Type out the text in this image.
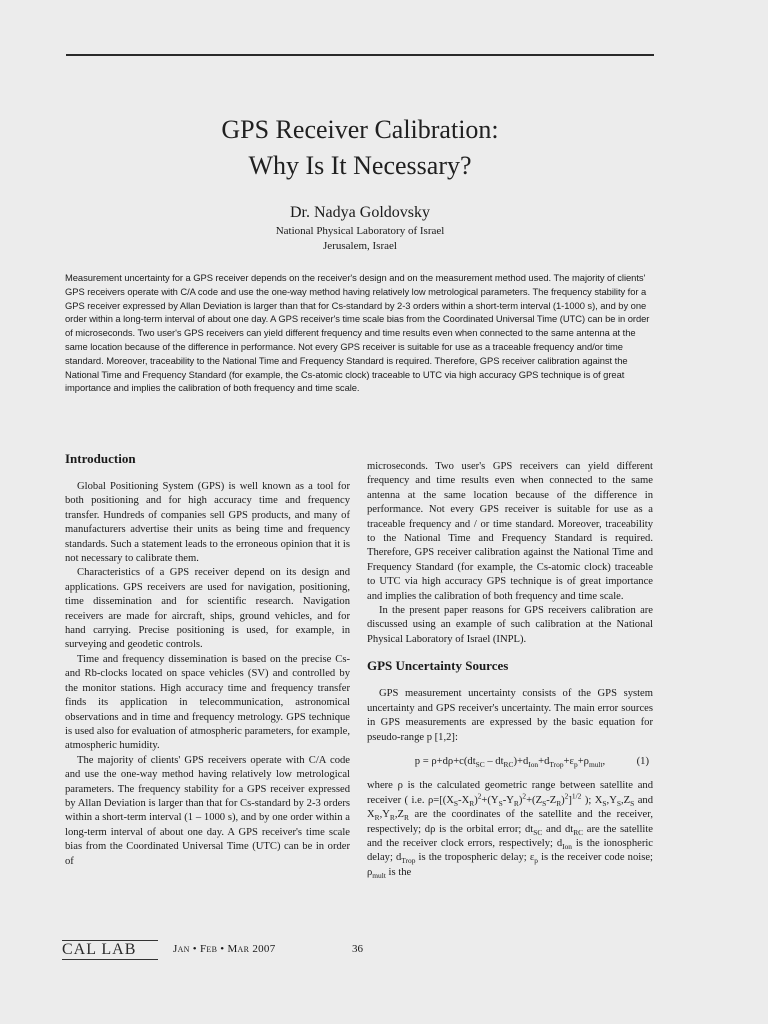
GPS Receiver Calibration:
Why Is It Necessary?
Dr. Nadya Goldovsky
National Physical Laboratory of Israel
Jerusalem, Israel
Measurement uncertainty for a GPS receiver depends on the receiver's design and on the measurement method used. The majority of clients' GPS receivers operate with C/A code and use the one-way method having relatively low metrological parameters. The frequency stability for a GPS receiver expressed by Allan Deviation is larger than that for Cs-standard by 2-3 orders within a short-term interval (1-1000 s), and by one order within a long-term interval of about one day. A GPS receiver's time scale bias from the Coordinated Universal Time (UTC) can be in order of microseconds. Two user's GPS receivers can yield different frequency and time results even when connected to the same antenna at the same location because of the difference in performance. Not every GPS receiver is suitable for use as a traceable frequency and/or time standard. Moreover, traceability to the National Time and Frequency Standard is required. Therefore, GPS receiver calibration against the National Time and Frequency Standard (for example, the Cs-atomic clock) traceable to UTC via high accuracy GPS technique is of great importance and implies the calibration of both frequency and time scale.
Introduction

Global Positioning System (GPS) is well known as a tool for both positioning and for high accuracy time and frequency transfer. Hundreds of companies sell GPS products, and many of manufacturers advertise their units as being time and frequency standards. Such a statement leads to the erroneous opinion that it is not necessary to calibrate them.

Characteristics of a GPS receiver depend on its design and applications. GPS receivers are used for navigation, positioning, time dissemination and for scientific research. Navigation receivers are made for aircraft, ships, ground vehicles, and for hand carrying. Precise positioning is used, for example, in surveying and geodetic controls.

Time and frequency dissemination is based on the precise Cs- and Rb-clocks located on space vehicles (SV) and controlled by the monitor stations. High accuracy time and frequency transfer finds its application in telecommunication, astronomical observations and in time and frequency metrology. GPS technique is used also for evaluation of atmospheric parameters, for example, atmospheric humidity.

The majority of clients' GPS receivers operate with C/A code and use the one-way method having relatively low metrological parameters. The frequency stability for a GPS receiver expressed by Allan Deviation is larger than that for Cs-standard by 2-3 orders within a short-term interval (1 – 1000 s), and by one order within a long-term interval of about one day. A GPS receiver's time scale bias from the Coordinated Universal Time (UTC) can be in order of

microseconds. Two user's GPS receivers can yield different frequency and time results even when connected to the same antenna at the same location because of the difference in performance. Not every GPS receiver is suitable for use as a traceable frequency and / or time standard. Moreover, traceability to the National Time and Frequency Standard is required. Therefore, GPS receiver calibration against the National Time and Frequency Standard (for example, the Cs-atomic clock) traceable to UTC via high accuracy GPS technique is of great importance and implies the calibration of both frequency and time scale.

In the present paper reasons for GPS receivers calibration are discussed using an example of such calibration at the National Physical Laboratory of Israel (INPL).

GPS Uncertainty Sources

GPS measurement uncertainty consists of the GPS system uncertainty and GPS receiver's uncertainty. The main error sources in GPS measurements are expressed by the basic equation for pseudo-range p [1,2]:

$p = \rho+d\rho+c(dt_{SC} - dt_{RC})+d_{Ion}+d_{Trop}+\varepsilon_p+\rho_{mult}$,	(1)

where ρ is the calculated geometric range between satellite and receiver ( i.e. $\rho=[(X_S-X_R)^2+(Y_S-Y_R)^2+(Z_S-Z_R)^2]^{1/2}$ ); $X_S,Y_S,Z_S$ and $X_R,Y_R,Z_R$ are the coordinates of the satellite and the receiver, respectively; dρ is the orbital error; $dt_{SC}$ and $dt_{RC}$ are the satellite and the receiver clock errors, respectively; $d_{Ion}$ is the ionospheric delay; $d_{Trop}$ is the tropospheric delay; $\varepsilon_p$ is the receiver code noise; $\rho_{mult}$ is the

CAL LAB	Jan • Feb • Mar 2007	36
